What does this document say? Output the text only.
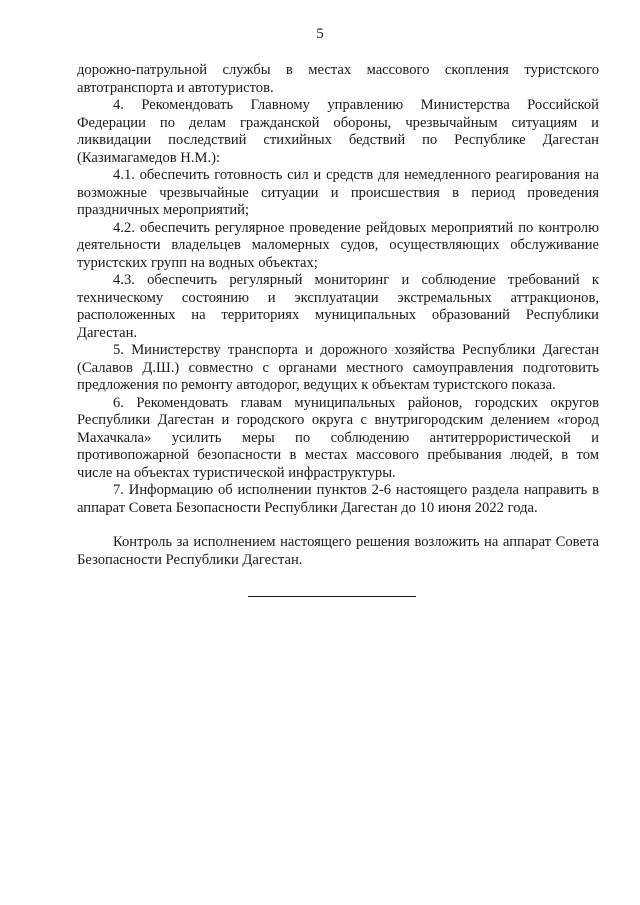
5

дорожно-патрульной службы в местах массового скопления туристского автотранспорта и автотуристов.

4. Рекомендовать Главному управлению Министерства Российской Федерации по делам гражданской обороны, чрезвычайным ситуациям и ликвидации последствий стихийных бедствий по Республике Дагестан (Казимагамедов Н.М.):

4.1. обеспечить готовность сил и средств для немедленного реагирования на возможные чрезвычайные ситуации и происшествия в период проведения праздничных мероприятий;

4.2. обеспечить регулярное проведение рейдовых мероприятий по контролю деятельности владельцев маломерных судов, осуществляющих обслуживание туристских групп на водных объектах;

4.3. обеспечить регулярный мониторинг и соблюдение требований к техническому состоянию и эксплуатации экстремальных аттракционов, расположенных на территориях муниципальных образований Республики Дагестан.

5. Министерству транспорта и дорожного хозяйства Республики Дагестан (Салавов Д.Ш.) совместно с органами местного самоуправления подготовить предложения по ремонту автодорог, ведущих к объектам туристского показа.

6. Рекомендовать главам муниципальных районов, городских округов Республики Дагестан и городского округа с внутригородским делением «город Махачкала» усилить меры по соблюдению антитеррористической и противопожарной безопасности в местах массового пребывания людей, в том числе на объектах туристической инфраструктуры.

7. Информацию об исполнении пунктов 2-6 настоящего раздела направить в аппарат Совета Безопасности Республики Дагестан до 10 июня 2022 года.

Контроль за исполнением настоящего решения возложить на аппарат Совета Безопасности Республики Дагестан.
